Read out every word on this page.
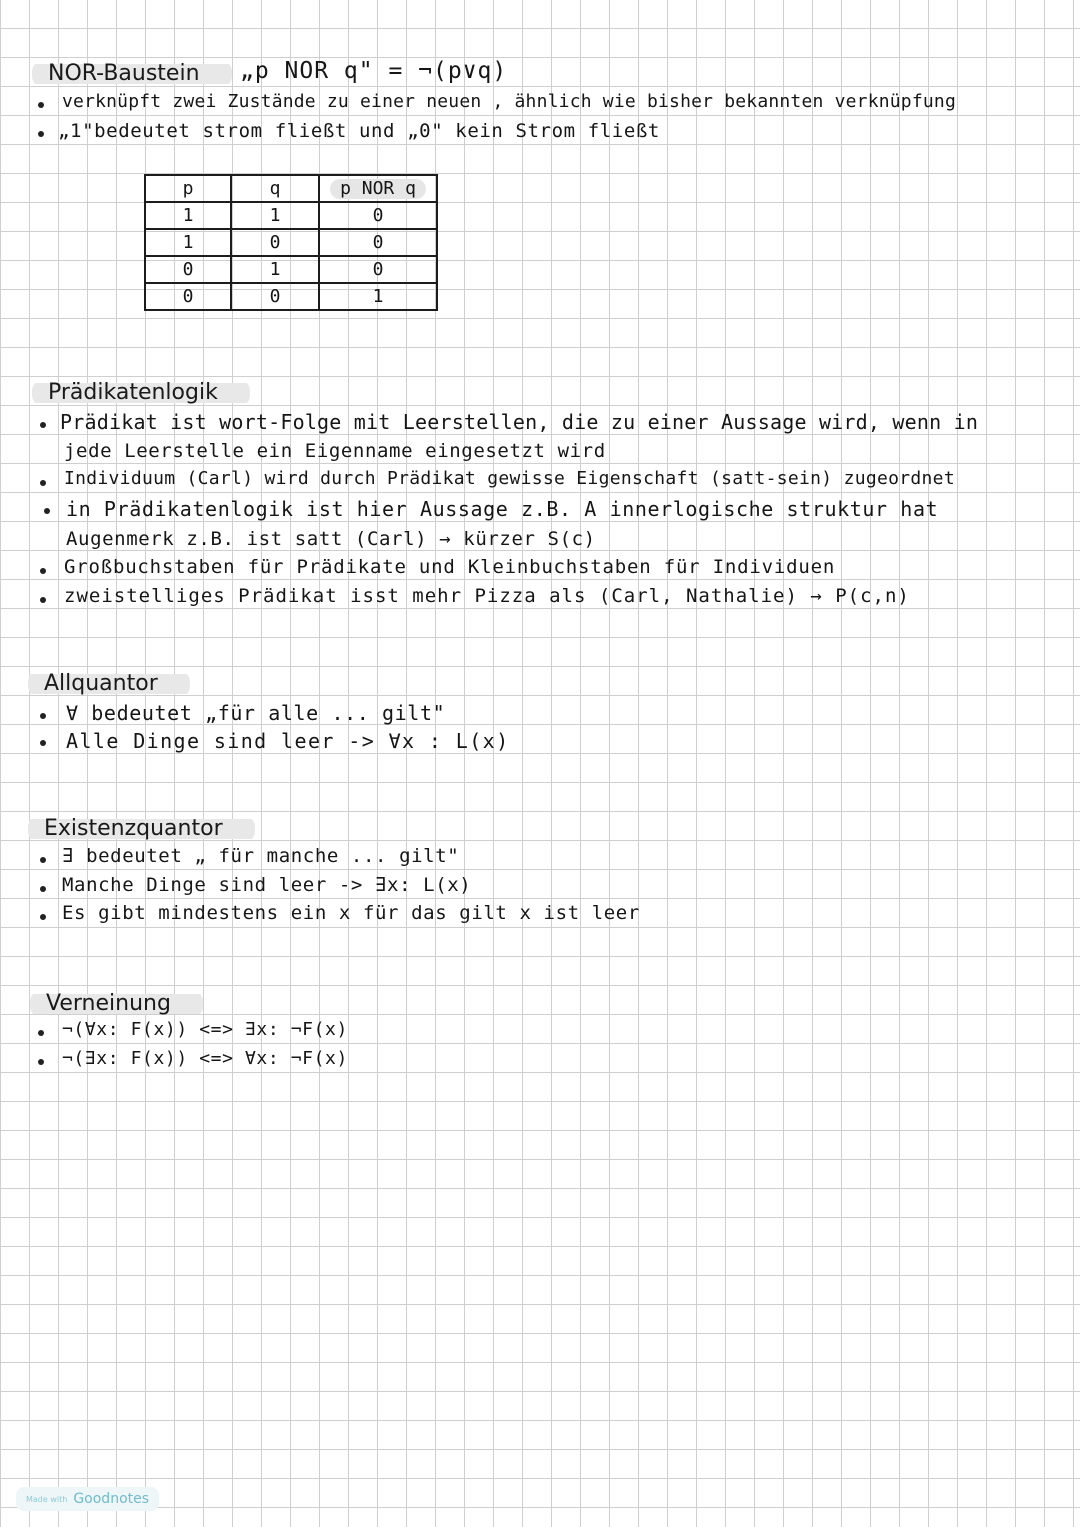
NOR-Baustein	„p NOR q" = ¬(p∨q)
verknüpft zwei Zustände zu einer neuen , ähnlich wie bisher bekannten verknüpfung
„1"bedeutet strom fließt und „0" kein Strom fließt
p	q	p NOR q
1	1	0
1	0	0
0	1	0
0	0	1
Prädikatenlogik
Prädikat ist wort-Folge mit Leerstellen, die zu einer Aussage wird, wenn in
jede Leerstelle ein Eigenname eingesetzt wird
Individuum (Carl) wird durch Prädikat gewisse Eigenschaft (satt-sein) zugeordnet
in Prädikatenlogik ist hier Aussage z.B. A innerlogische struktur hat
Augenmerk z.B. ist satt (Carl) → kürzer S(c)
Großbuchstaben für Prädikate und Kleinbuchstaben für Individuen
zweistelliges Prädikat isst mehr Pizza als (Carl, Nathalie) → P(c,n)
Allquantor
∀ bedeutet „für alle ... gilt"
Alle Dinge sind leer -> ∀x : L(x)
Existenzquantor
∃ bedeutet „ für manche ... gilt"
Manche Dinge sind leer -> ∃x: L(x)
Es gibt mindestens ein x für das gilt x ist leer
Verneinung
¬(∀x: F(x)) <=> ∃x: ¬F(x)
¬(∃x: F(x)) <=> ∀x: ¬F(x)
Made with Goodnotes
